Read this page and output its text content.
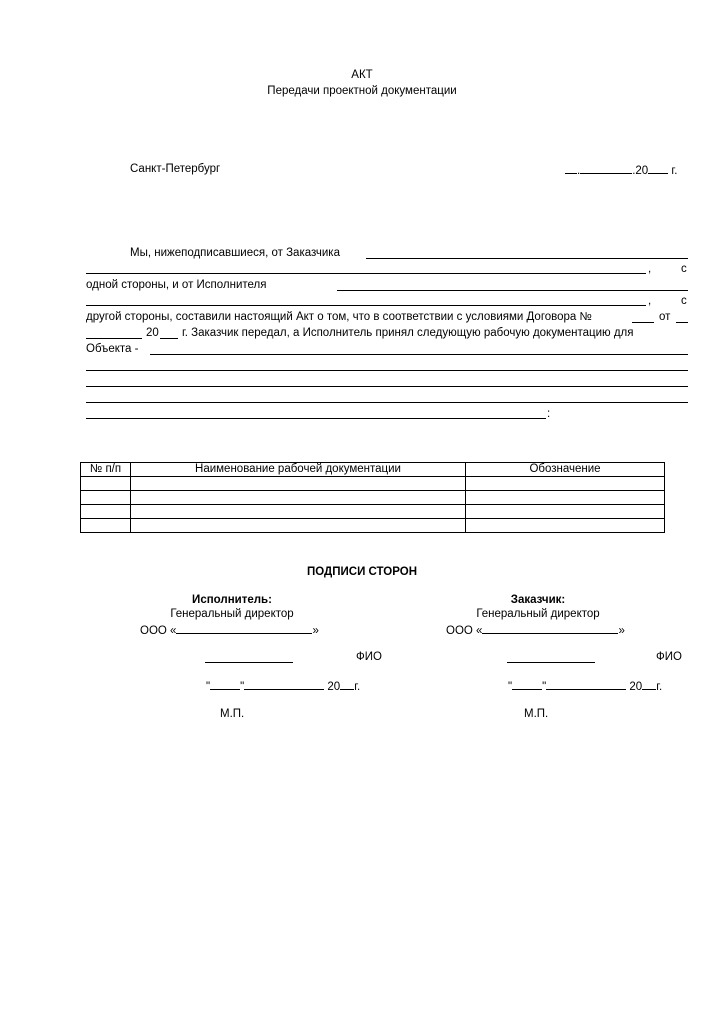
АКТ
Передачи проектной документации
Санкт-Петербург	.	.20 г.
Мы, нижеподписавшиеся, от Заказчика
,	с
одной стороны, и от Исполнителя
,	с
другой стороны, составили настоящий Акт о том, что в соответствии с условиями Договора №	от
20 г. Заказчик передал, а Исполнитель принял следующую рабочую документацию для
Объекта -
:
№ п/п	Наименование рабочей документации	Обозначение

ПОДПИСИ СТОРОН
Исполнитель:
Генеральный директор
ООО «	»
ФИО
"	"	20 г.
М.П.
Заказчик:
Генеральный директор
ООО «	»
ФИО
"	"	20 г.
М.П.
